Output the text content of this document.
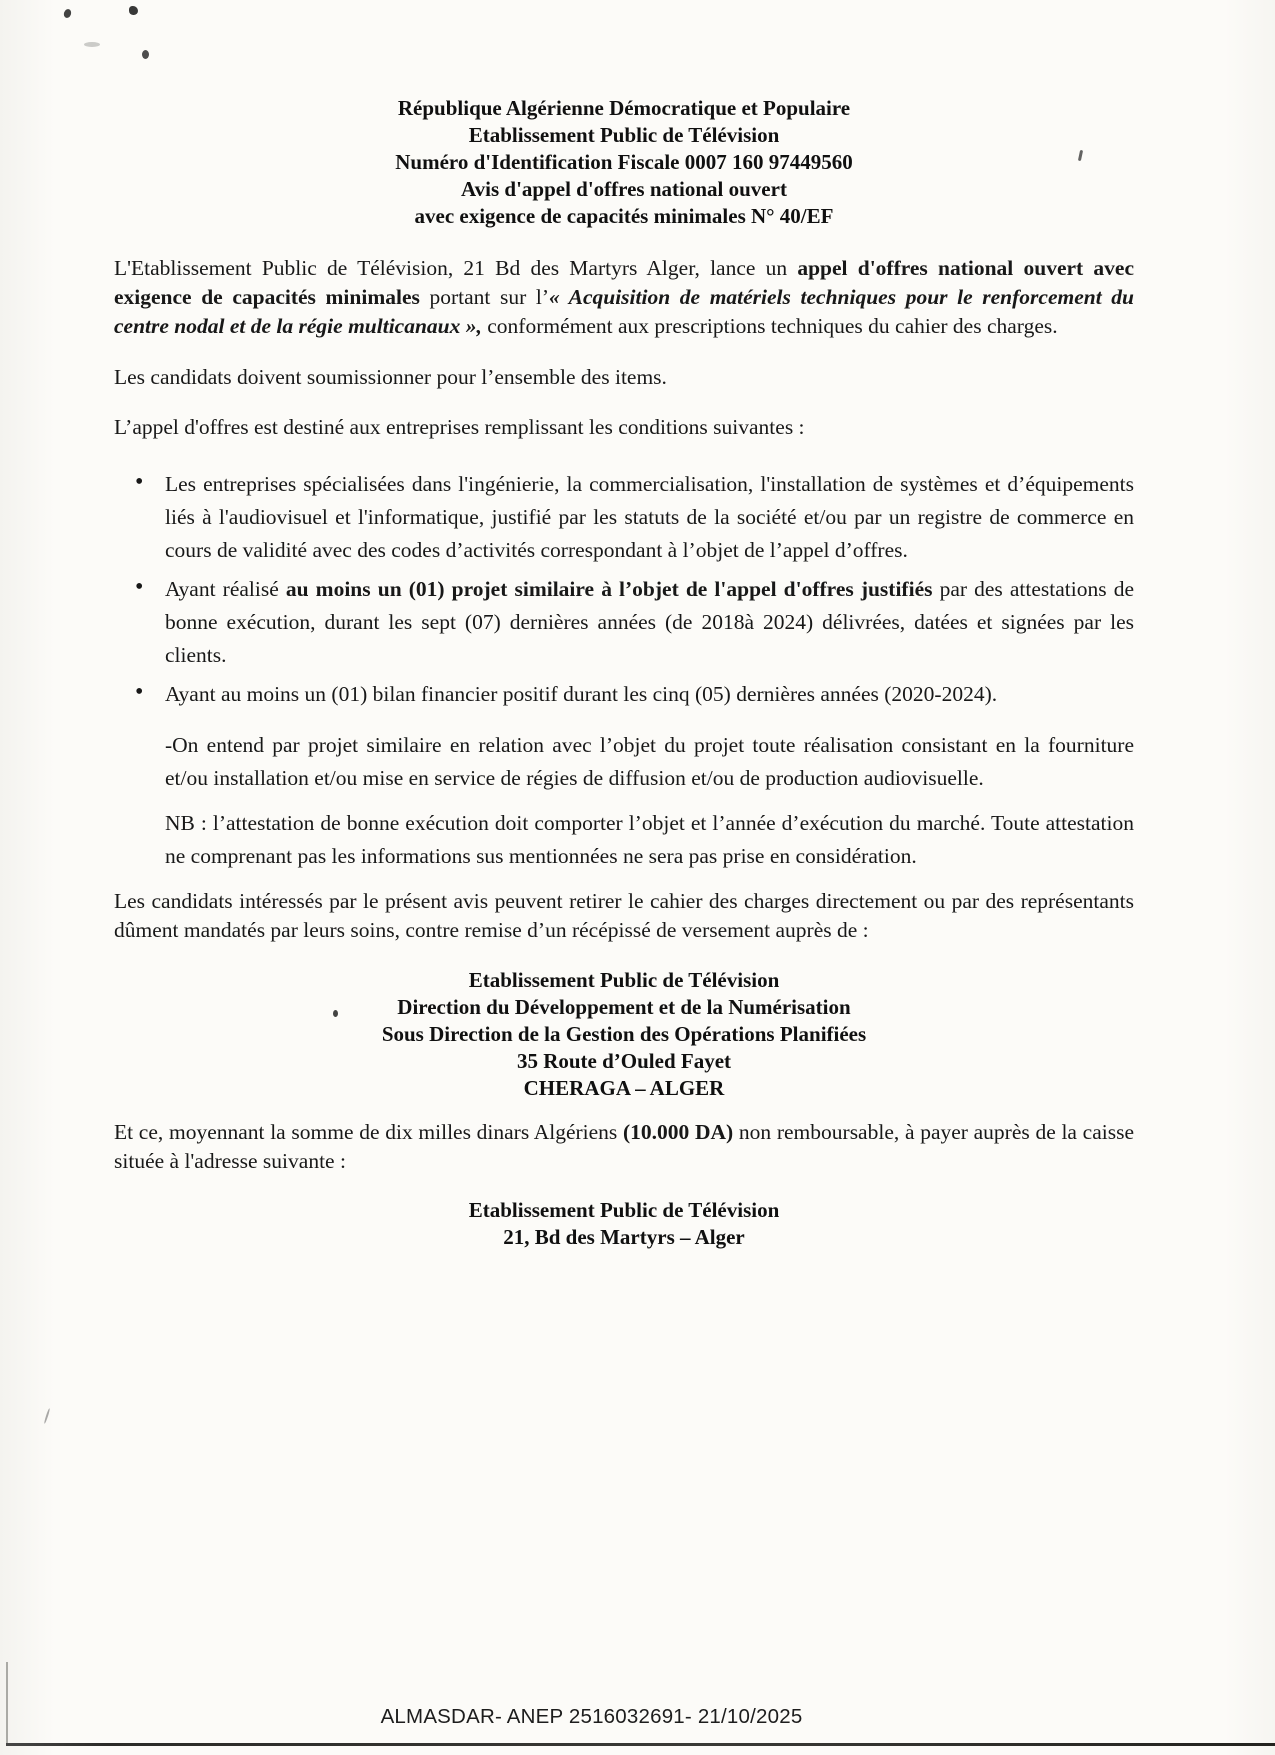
République Algérienne Démocratique et Populaire
Etablissement Public de Télévision
Numéro d'Identification Fiscale 0007 160 97449560
Avis d'appel d'offres national ouvert
avec exigence de capacités minimales N° 40/EF

L'Etablissement Public de Télévision, 21 Bd des Martyrs Alger, lance un appel d'offres national ouvert avec exigence de capacités minimales portant sur l’« Acquisition de matériels techniques pour le renforcement du centre nodal et de la régie multicanaux », conformément aux prescriptions techniques du cahier des charges.

Les candidats doivent soumissionner pour l’ensemble des items.

L’appel d'offres est destiné aux entreprises remplissant les conditions suivantes :

• Les entreprises spécialisées dans l'ingénierie, la commercialisation, l'installation de systèmes et d’équipements liés à l'audiovisuel et l'informatique, justifié par les statuts de la société et/ou par un registre de commerce en cours de validité avec des codes d’activités correspondant à l’objet de l’appel d’offres.
• Ayant réalisé au moins un (01) projet similaire à l’objet de l'appel d'offres justifiés par des attestations de bonne exécution, durant les sept (07) dernières années (de 2018à 2024) délivrées, datées et signées par les clients.
• Ayant au moins un (01) bilan financier positif durant les cinq (05) dernières années (2020-2024).

-On entend par projet similaire en relation avec l’objet du projet toute réalisation consistant en la fourniture et/ou installation et/ou mise en service de régies de diffusion et/ou de production audiovisuelle.

NB : l’attestation de bonne exécution doit comporter l’objet et l’année d’exécution du marché. Toute attestation ne comprenant pas les informations sus mentionnées ne sera pas prise en considération.

Les candidats intéressés par le présent avis peuvent retirer le cahier des charges directement ou par des représentants dûment mandatés par leurs soins, contre remise d’un récépissé de versement auprès de :

Etablissement Public de Télévision
Direction du Développement et de la Numérisation
Sous Direction de la Gestion des Opérations Planifiées
35 Route d’Ouled Fayet
CHERAGA – ALGER

Et ce, moyennant la somme de dix milles dinars Algériens (10.000 DA) non remboursable, à payer auprès de la caisse située à l'adresse suivante :

Etablissement Public de Télévision
21, Bd des Martyrs – Alger
ALMASDAR- ANEP 2516032691- 21/10/2025
